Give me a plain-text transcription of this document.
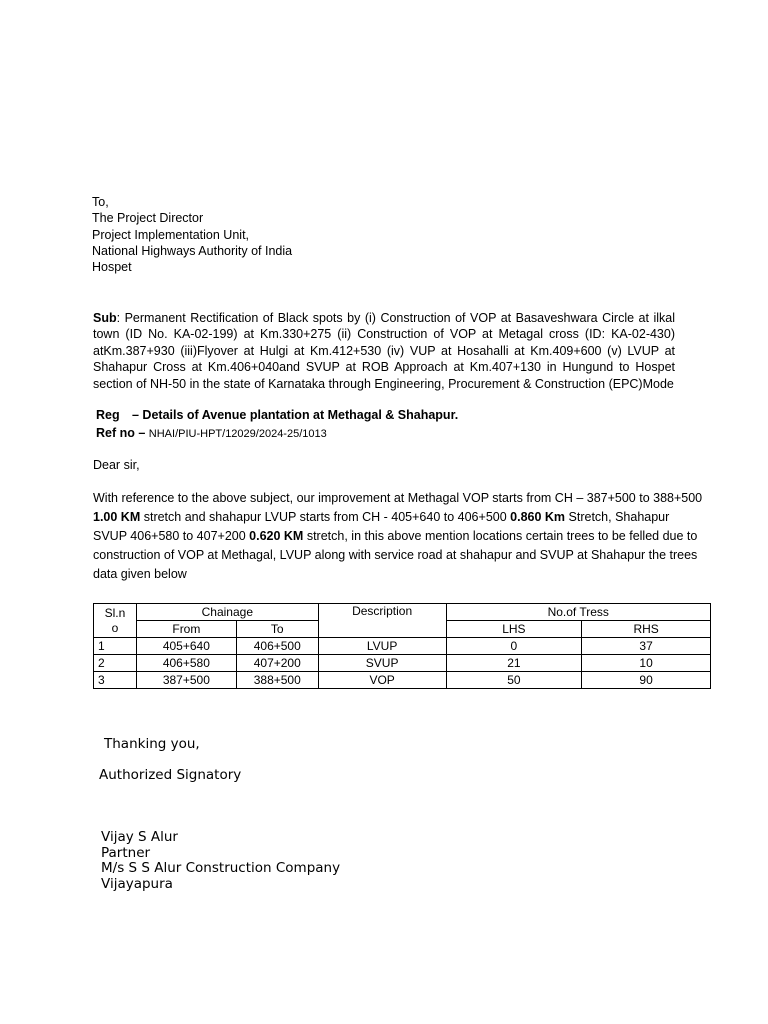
To,
The Project Director
Project Implementation Unit,
National Highways Authority of India
Hospet
Sub: Permanent Rectification of Black spots by (i) Construction of VOP at Basaveshwara Circle at ilkal town (ID No. KA-02-199) at Km.330+275 (ii) Construction of VOP at Metagal cross (ID: KA-02-430) atKm.387+930 (iii)Flyover at Hulgi at Km.412+530 (iv) VUP at Hosahalli at Km.409+600 (v) LVUP at Shahapur Cross at Km.406+040and SVUP at ROB Approach at Km.407+130 in Hungund to Hospet section of NH-50 in the state of Karnataka through Engineering, Procurement & Construction (EPC)Mode
Reg – Details of Avenue plantation at Methagal & Shahapur.
Ref no – NHAI/PIU-HPT/12029/2024-25/1013
Dear sir,
With reference to the above subject, our improvement at Methagal VOP starts from CH – 387+500 to 388+500 1.00 KM stretch and shahapur LVUP starts from CH - 405+640 to 406+500 0.860 Km Stretch, Shahapur SVUP 406+580 to 407+200 0.620 KM stretch, in this above mention locations certain trees to be felled due to construction of VOP at Methagal, LVUP along with service road at shahapur and SVUP at Shahapur the trees data given below
Sl.n
o	Chainage		Description	No.of Tress	
	From	To		LHS	RHS
1	405+640	406+500	LVUP	0	37
2	406+580	407+200	SVUP	21	10
3	387+500	388+500	VOP	50	90
Thanking you,
Authorized Signatory
Vijay S Alur
Partner
M/s S S Alur Construction Company
Vijayapura
